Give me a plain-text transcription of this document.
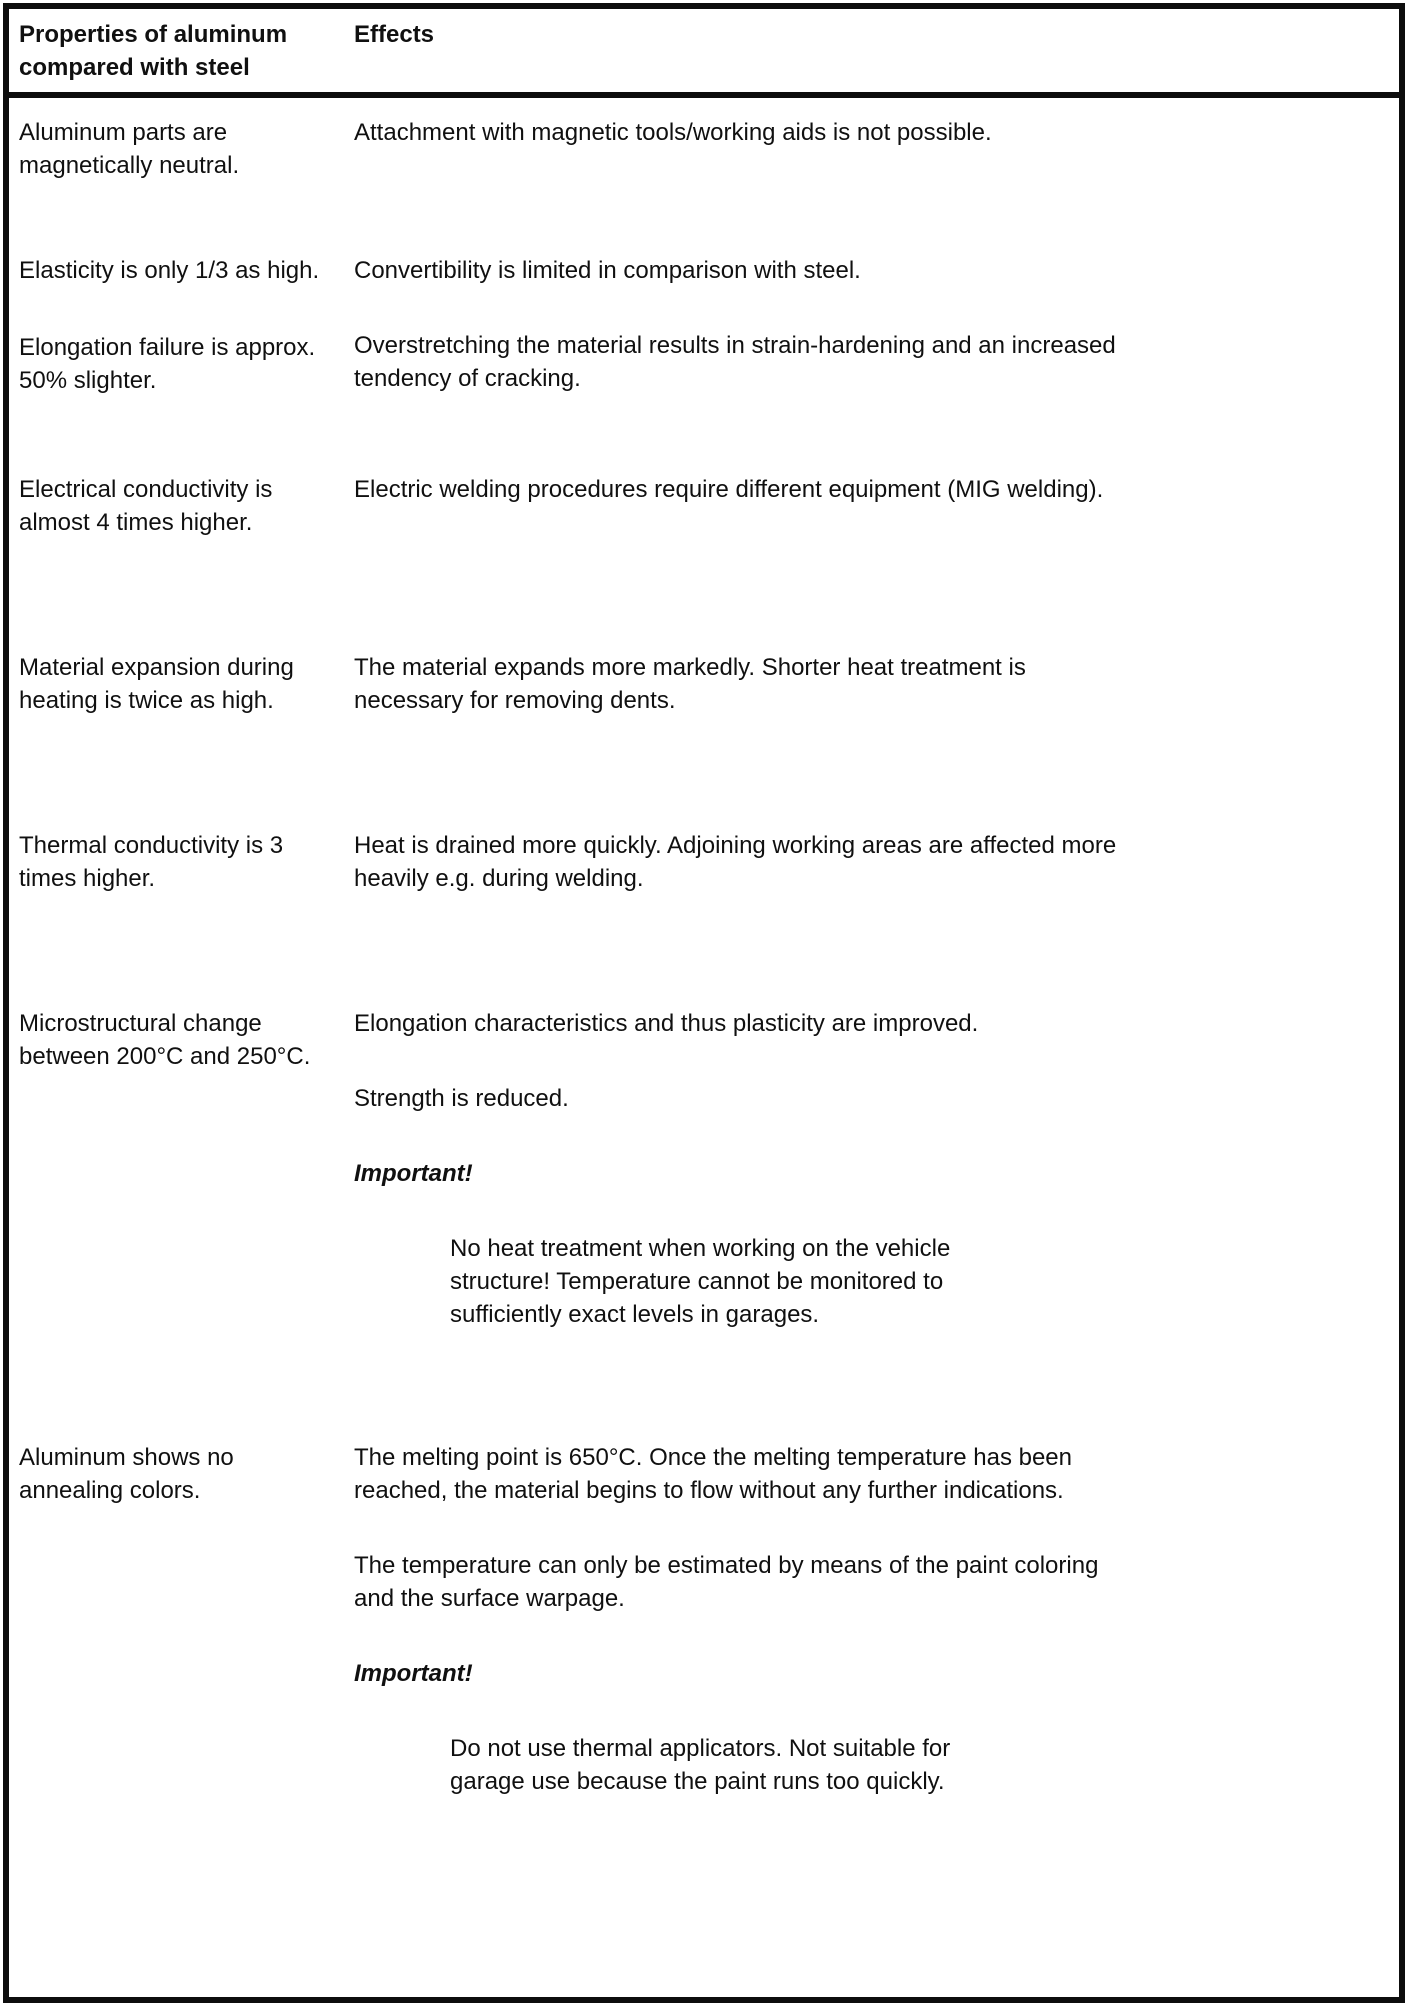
Properties of aluminum compared with steel
Effects

Aluminum parts are magnetically neutral.

Attachment with magnetic tools/working aids is not possible.

Elasticity is only 1/3 as high.

Elongation failure is approx. 50% slighter.

Convertibility is limited in comparison with steel.

Overstretching the material results in strain-hardening and an increased tendency of cracking.

Electrical conductivity is almost 4 times higher.

Electric welding procedures require different equipment (MIG welding).

Material expansion during heating is twice as high.

The material expands more markedly. Shorter heat treatment is necessary for removing dents.

Thermal conductivity is 3 times higher.

Heat is drained more quickly. Adjoining working areas are affected more heavily e.g. during welding.

Microstructural change between 200°C and 250°C.

Elongation characteristics and thus plasticity are improved.

Strength is reduced.

Important!

No heat treatment when working on the vehicle structure! Temperature cannot be monitored to sufficiently exact levels in garages.

Aluminum shows no annealing colors.

The melting point is 650°C. Once the melting temperature has been reached, the material begins to flow without any further indications.

The temperature can only be estimated by means of the paint coloring and the surface warpage.

Important!

Do not use thermal applicators. Not suitable for garage use because the paint runs too quickly.
